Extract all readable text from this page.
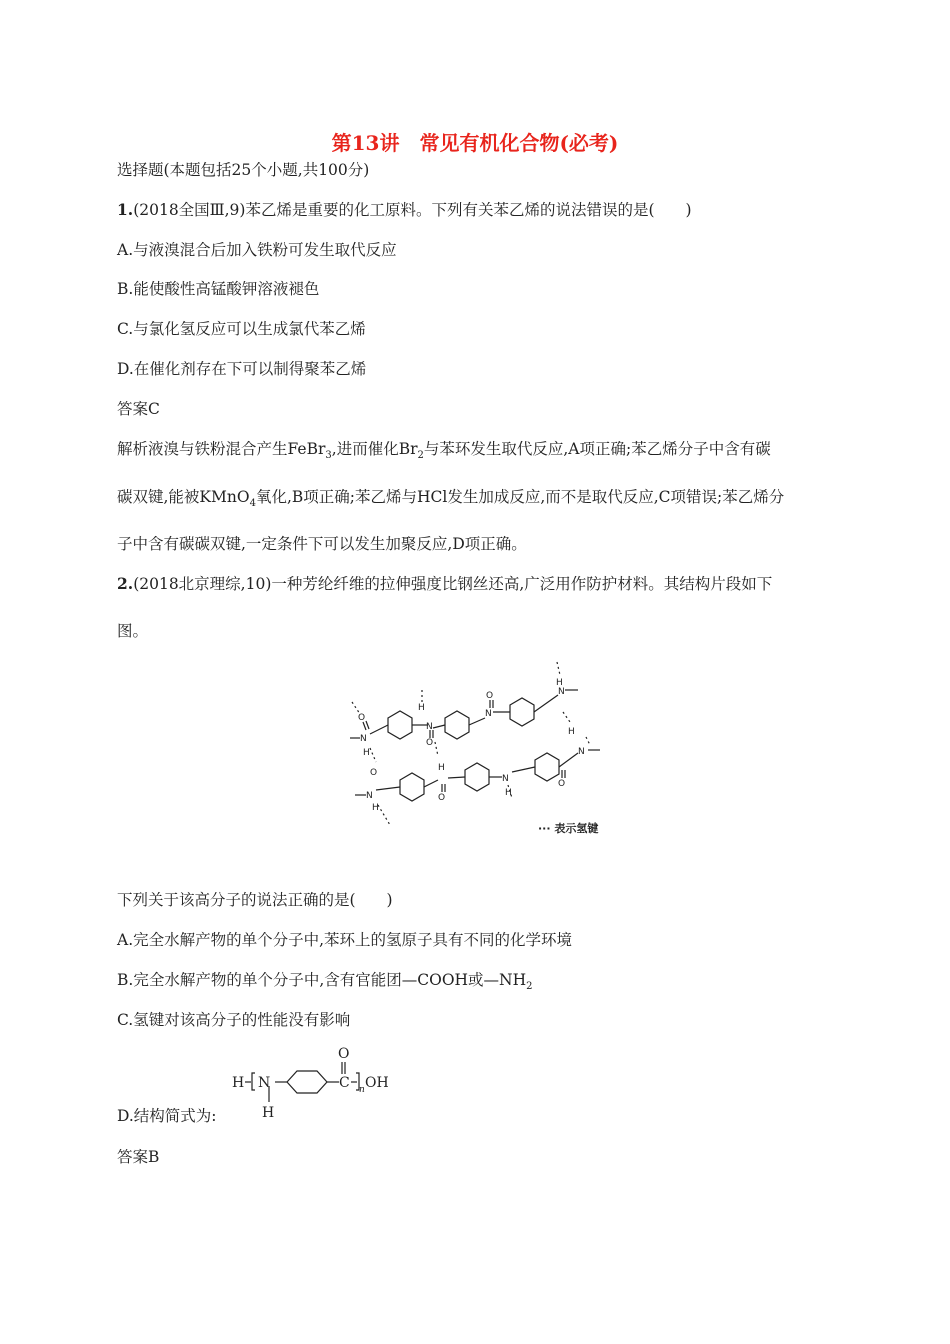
第13讲　常见有机化合物(必考)
选择题(本题包括25个小题,共100分)
1.(2018全国Ⅲ,9)苯乙烯是重要的化工原料。下列有关苯乙烯的说法错误的是(　　)
A.与液溴混合后加入铁粉可发生取代反应
B.能使酸性高锰酸钾溶液褪色
C.与氯化氢反应可以生成氯代苯乙烯
D.在催化剂存在下可以制得聚苯乙烯
答案C
解析液溴与铁粉混合产生FeBr$_3$,进而催化$Br_2$与苯环发生取代反应,A项正确;苯乙烯分子中含有碳
碳双键,能被KMnO$_4$氧化,B项正确;苯乙烯与HCl发生加成反应,而不是取代反应,C项错误;苯乙烯分
子中含有碳碳双键,一定条件下可以发生加聚反应,D项正确。
2.(2018北京理综,10)一种芳纶纤维的拉伸强度比钢丝还高,广泛用作防护材料。其结构片段如下
图。
N
H
O
N
H
O
N
O	N
H
O
N
H
H
O
N
H
H
N
O
··· 表示氢键
下列关于该高分子的说法正确的是(　　)
A.完全水解产物的单个分子中,苯环上的氢原子具有不同的化学环境
B.完全水解产物的单个分子中,含有官能团—COOH或$—NH_2$
C.氢键对该高分子的性能没有影响
H N
H
O
C OH
n
D.结构简式为:
答案B
